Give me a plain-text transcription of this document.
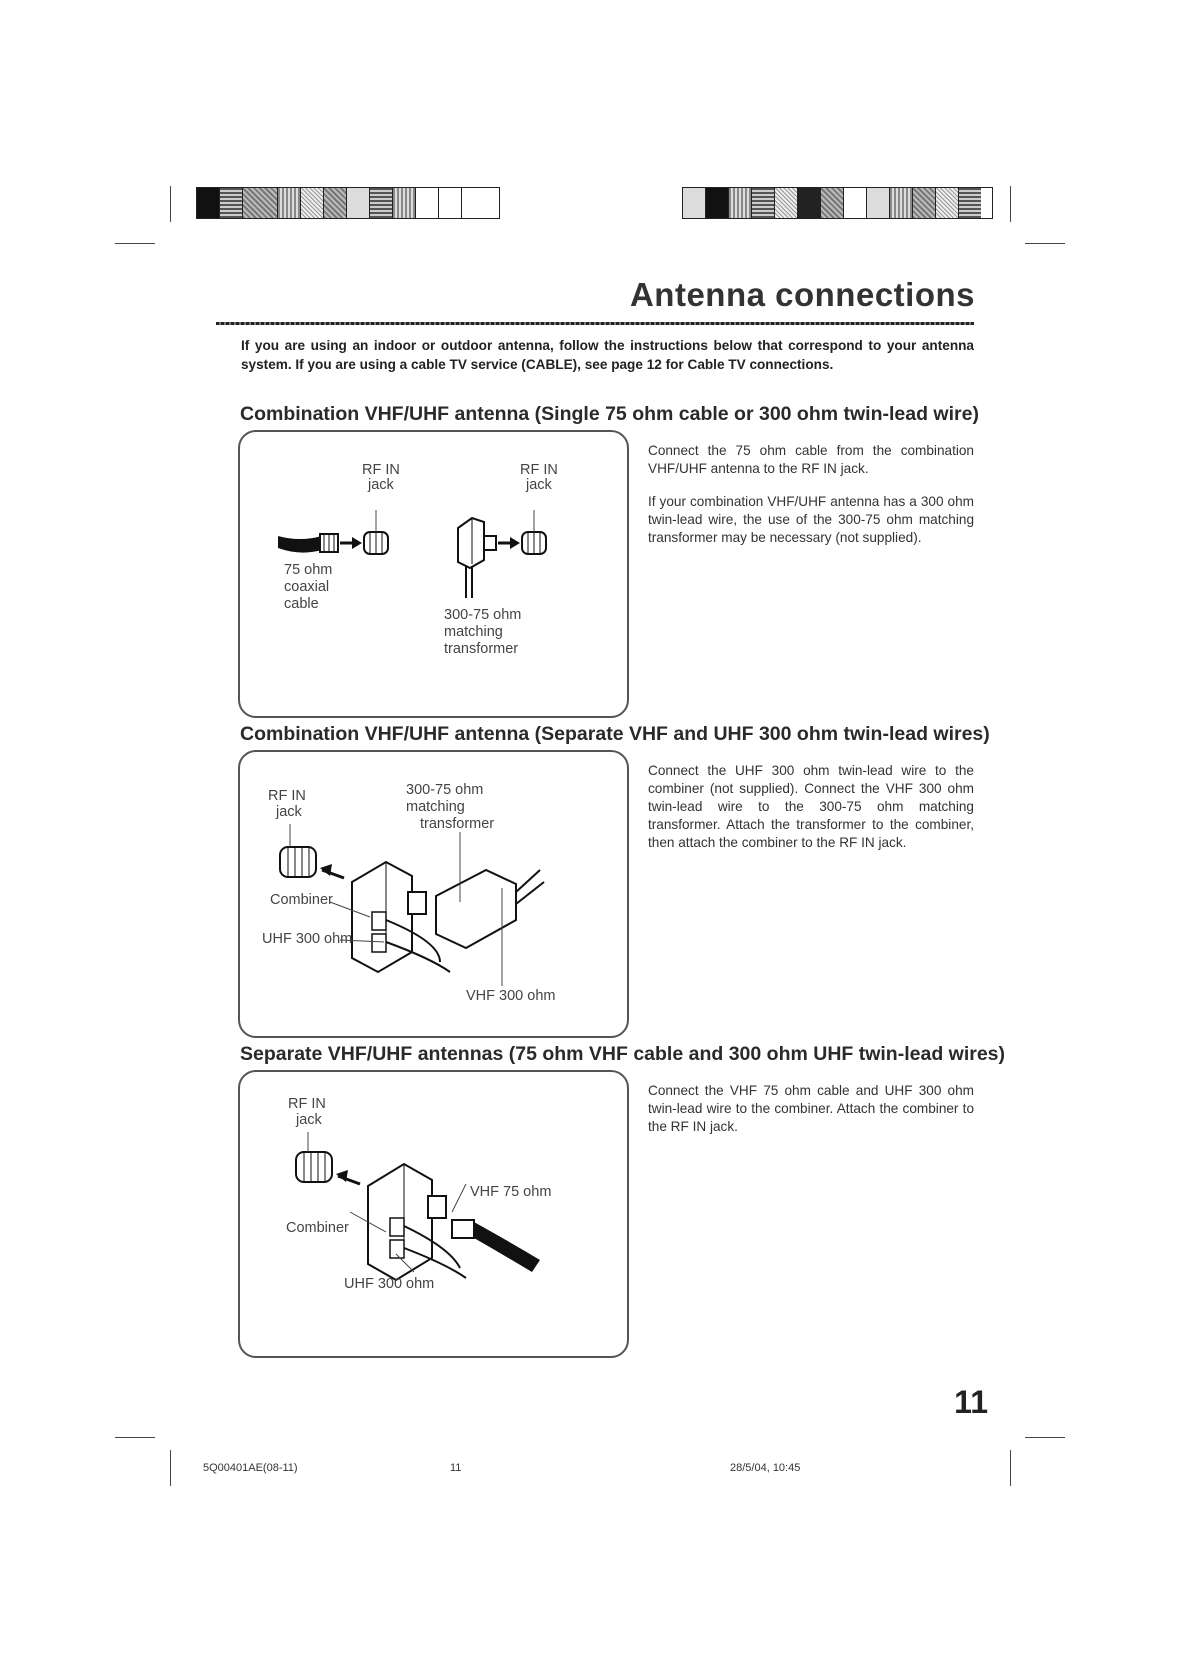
Antenna connections

If you are using an indoor or outdoor antenna, follow the instructions below that correspond to your antenna system. If you are using a cable TV service (CABLE), see page 12 for Cable TV connections.

Combination VHF/UHF antenna (Single 75 ohm cable or 300 ohm twin-lead wire)
RF IN
jack
RF IN
jack
75 ohm
coaxial
cable
300-75 ohm
matching
transformer

Connect the 75 ohm cable from the combination VHF/UHF antenna to the RF IN jack.

If your combination VHF/UHF antenna has a 300 ohm twin-lead wire, the use of the 300-75 ohm matching transformer may be necessary (not supplied).

Combination VHF/UHF antenna (Separate VHF and UHF 300 ohm twin-lead wires)
RF IN
jack
300-75 ohm
matching
transformer
Combiner
UHF 300 ohm
VHF 300 ohm

Connect the UHF 300 ohm twin-lead wire to the combiner (not supplied). Connect the VHF 300 ohm twin-lead wire to the 300-75 ohm matching transformer. Attach the transformer to the combiner, then attach the combiner to the RF IN jack.

Separate VHF/UHF antennas (75 ohm VHF cable and 300 ohm UHF twin-lead wires)
RF IN
jack
VHF 75 ohm
Combiner
UHF 300 ohm

Connect the VHF 75 ohm cable and UHF 300 ohm twin-lead wire to the combiner. Attach the combiner to the RF IN jack.

11
5Q00401AE(08-11)	11	28/5/04, 10:45
